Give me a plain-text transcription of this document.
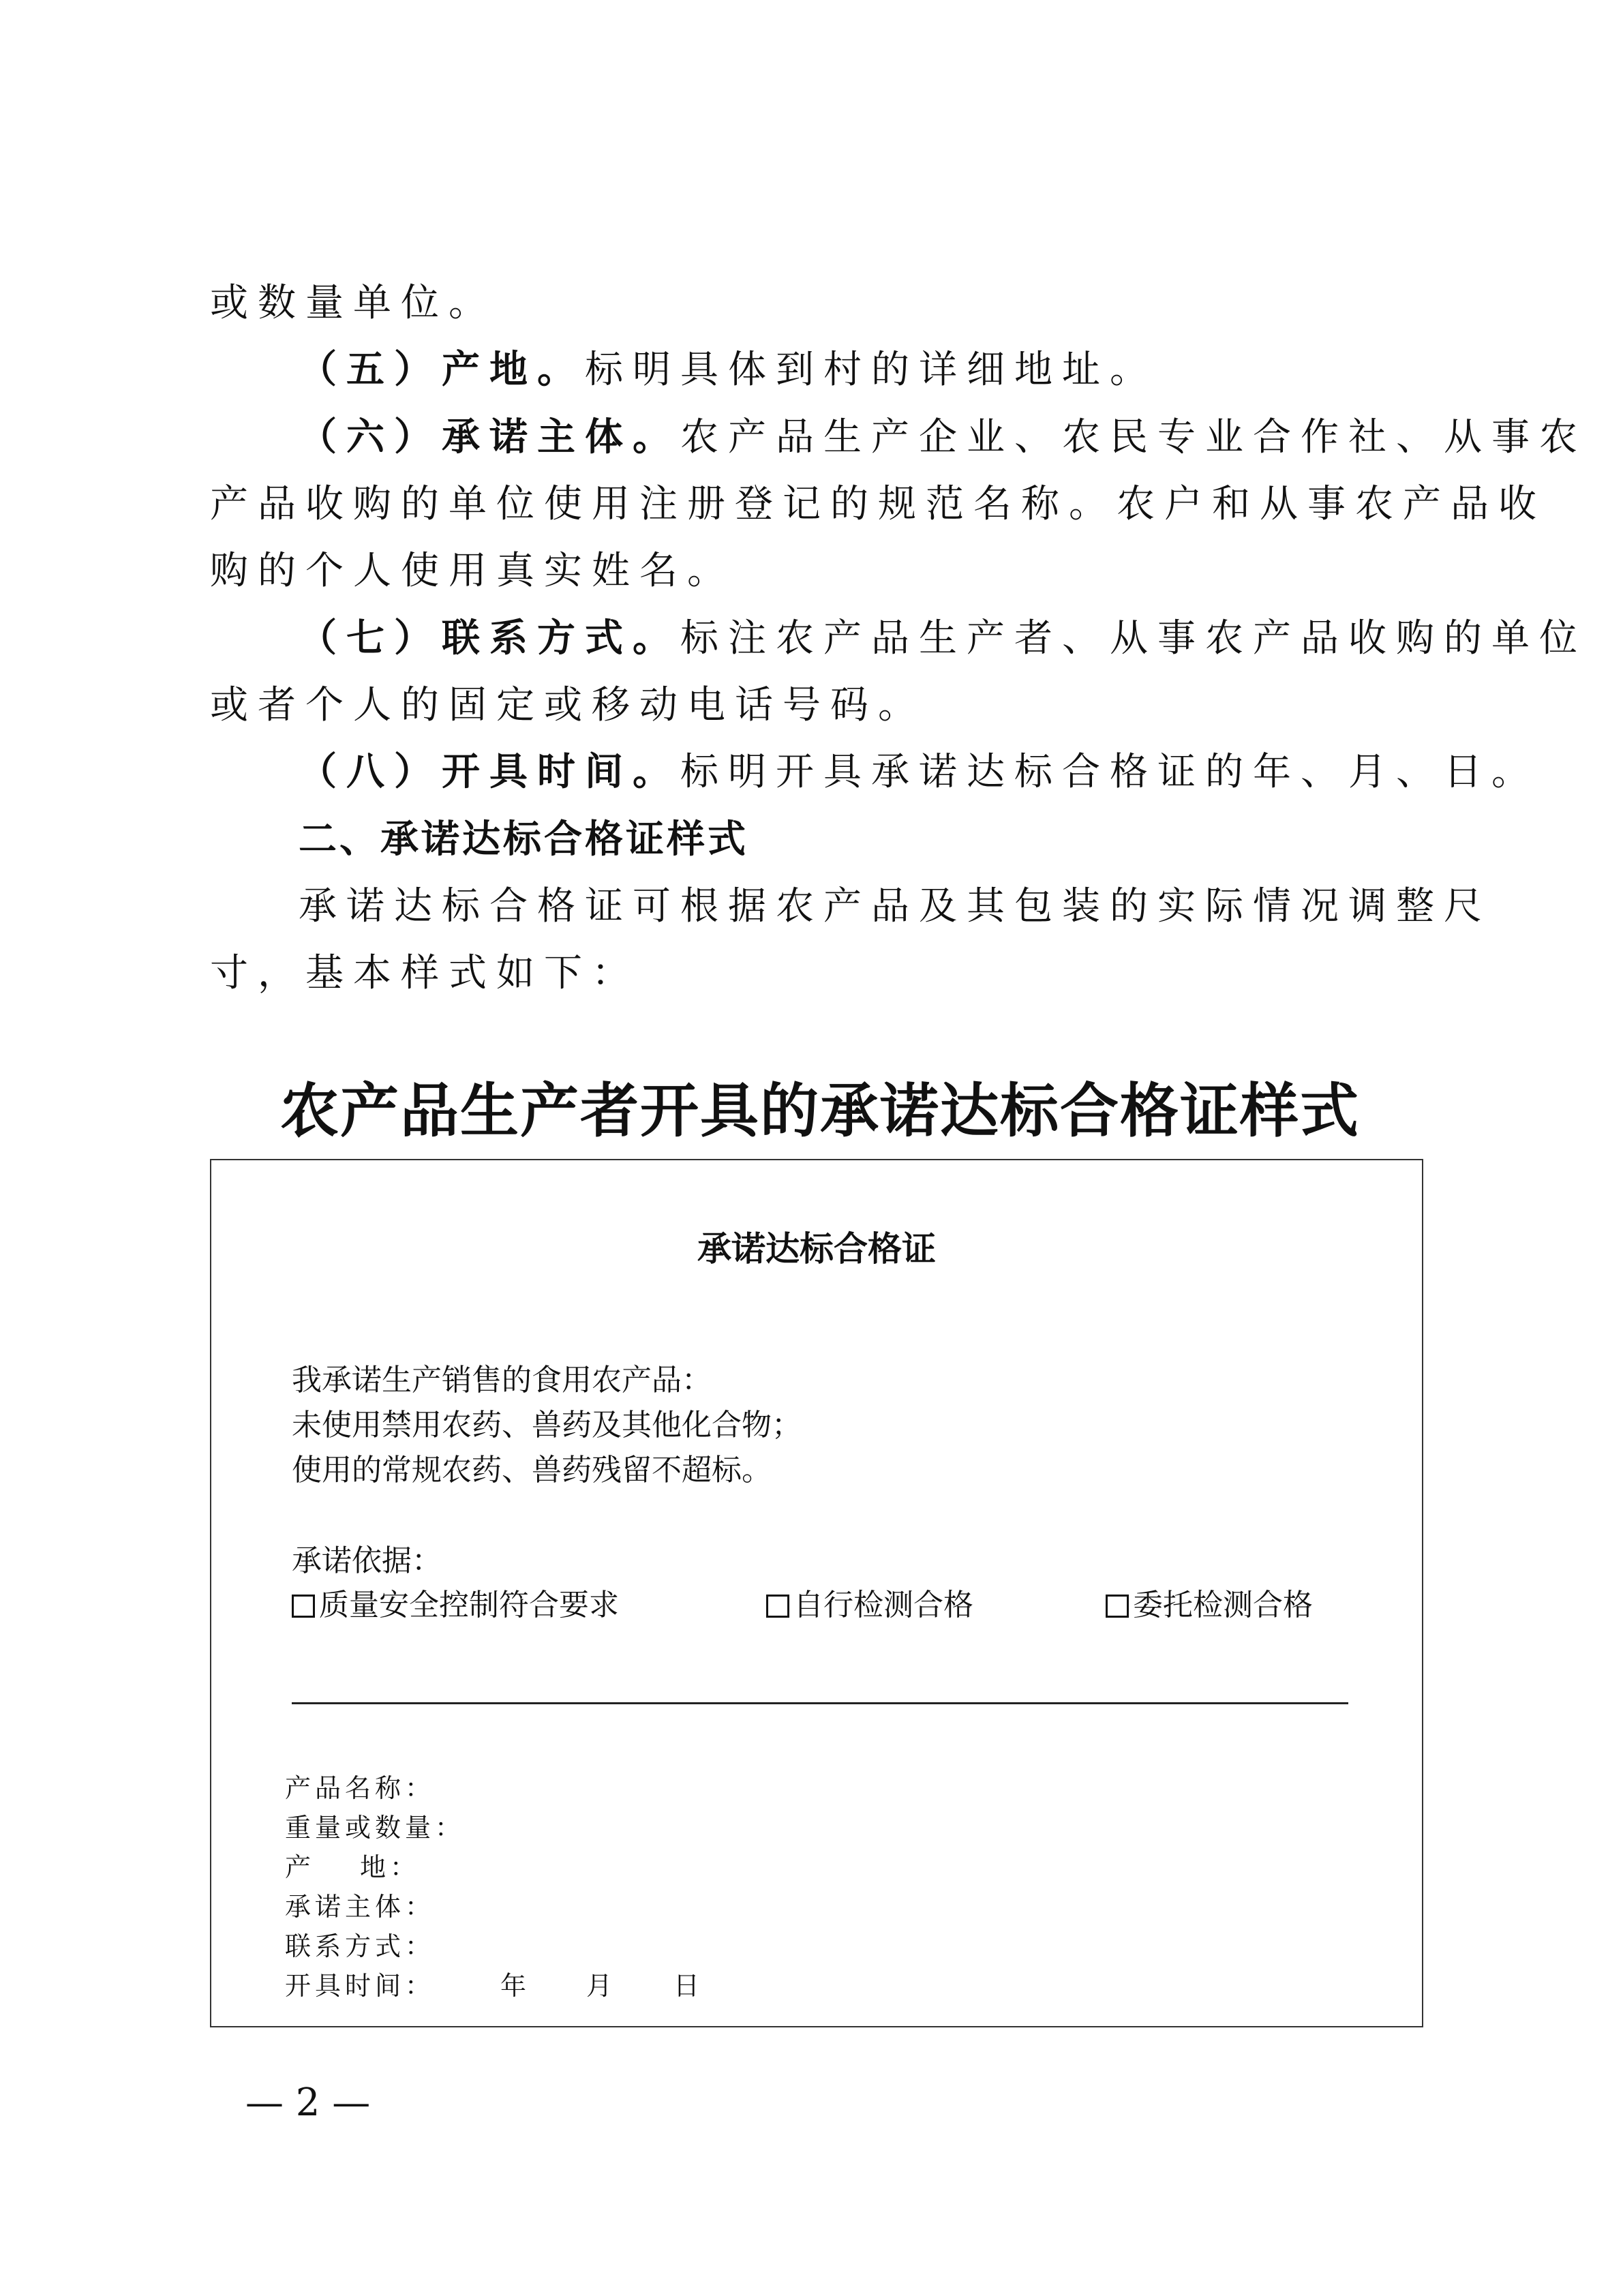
或数量单位。
（五）产地。标明具体到村的详细地址。
（六）承诺主体。农产品生产企业、农民专业合作社、从事农
产品收购的单位使用注册登记的规范名称。农户和从事农产品收
购的个人使用真实姓名。
（七）联系方式。标注农产品生产者、从事农产品收购的单位
或者个人的固定或移动电话号码。
（八）开具时间。标明开具承诺达标合格证的年、月、日。
二、承诺达标合格证样式
承诺达标合格证可根据农产品及其包装的实际情况调整尺
寸，基本样式如下：
农产品生产者开具的承诺达标合格证样式
承诺达标合格证
我承诺生产销售的食用农产品：
未使用禁用农药、兽药及其他化合物；
使用的常规农药、兽药残留不超标。
承诺依据：
质量安全控制符合要求	自行检测合格	委托检测合格
产品名称：
重量或数量：
产 地：
承诺主体：
联系方式：
开具时间：	年 月 日
— 2 —
